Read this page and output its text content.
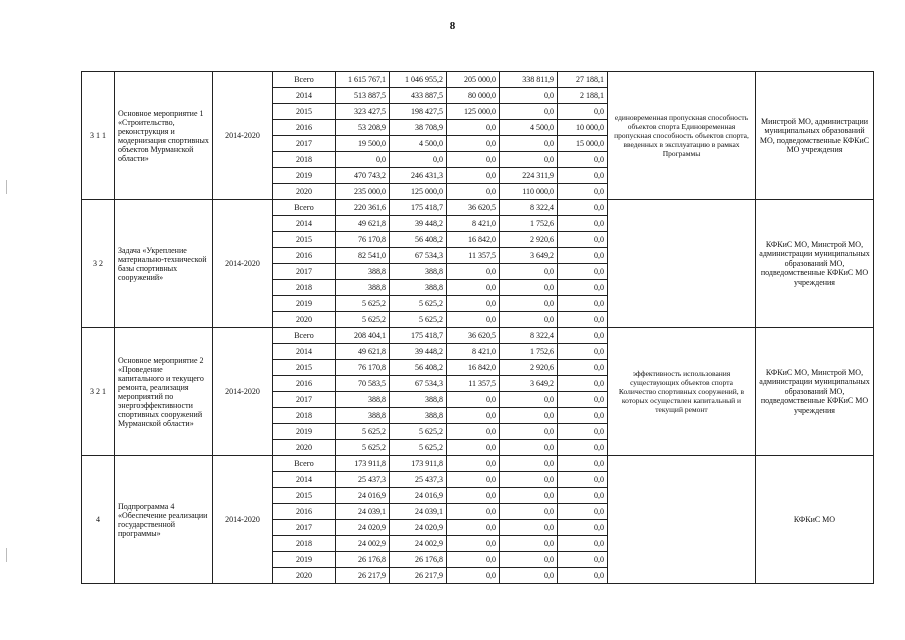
8
3 1 1	Основное мероприятие 1 «Строительство, реконструкция и модернизация спортивных объектов Мурманской области»	2014-2020	Всего	1 615 767,1	1 046 955,2	205 000,0	338 811,9	27 188,1	единовременная пропускная способность объектов спорта Единовременная пропускная способность объектов спорта, введенных в эксплуатацию в рамках Программы	Минстрой МО, администрации муниципальных образований МО, подведомственные КФКиС МО учреждения
			2014	513 887,5	433 887,5	80 000,0	0,0	2 188,1		
			2015	323 427,5	198 427,5	125 000,0	0,0	0,0		
			2016	53 208,9	38 708,9	0,0	4 500,0	10 000,0		
			2017	19 500,0	4 500,0	0,0	0,0	15 000,0		
			2018	0,0	0,0	0,0	0,0	0,0		
			2019	470 743,2	246 431,3	0,0	224 311,9	0,0		
			2020	235 000,0	125 000,0	0,0	110 000,0	0,0		
3 2	Задача «Укрепление материально-технической базы спортивных сооружений»	2014-2020	Всего	220 361,6	175 418,7	36 620,5	8 322,4	0,0		КФКиС МО, Минстрой МО, администрации муниципальных образований МО, подведомственные КФКиС МО учреждения
			2014	49 621,8	39 448,2	8 421,0	1 752,6	0,0		
			2015	76 170,8	56 408,2	16 842,0	2 920,6	0,0		
			2016	82 541,0	67 534,3	11 357,5	3 649,2	0,0		
			2017	388,8	388,8	0,0	0,0	0,0		
			2018	388,8	388,8	0,0	0,0	0,0		
			2019	5 625,2	5 625,2	0,0	0,0	0,0		
			2020	5 625,2	5 625,2	0,0	0,0	0,0		
3 2 1	Основное мероприятие 2 «Проведение капитального и текущего ремонта, реализация мероприятий по энергоэффективности спортивных сооружений Мурманской области»	2014-2020	Всего	208 404,1	175 418,7	36 620,5	8 322,4	0,0	эффективность использования существующих объектов спорта Количество спортивных сооружений, в которых осуществлен капитальный и текущий ремонт	КФКиС МО, Минстрой МО, администрации муниципальных образований МО, подведомственные КФКиС МО учреждения
			2014	49 621,8	39 448,2	8 421,0	1 752,6	0,0		
			2015	76 170,8	56 408,2	16 842,0	2 920,6	0,0		
			2016	70 583,5	67 534,3	11 357,5	3 649,2	0,0		
			2017	388,8	388,8	0,0	0,0	0,0		
			2018	388,8	388,8	0,0	0,0	0,0		
			2019	5 625,2	5 625,2	0,0	0,0	0,0		
			2020	5 625,2	5 625,2	0,0	0,0	0,0		
4	Подпрограмма 4 «Обеспечение реализации государственной программы»	2014-2020	Всего	173 911,8	173 911,8	0,0	0,0	0,0		КФКиС МО
			2014	25 437,3	25 437,3	0,0	0,0	0,0		
			2015	24 016,9	24 016,9	0,0	0,0	0,0		
			2016	24 039,1	24 039,1	0,0	0,0	0,0		
			2017	24 020,9	24 020,9	0,0	0,0	0,0		
			2018	24 002,9	24 002,9	0,0	0,0	0,0		
			2019	26 176,8	26 176,8	0,0	0,0	0,0		
			2020	26 217,9	26 217,9	0,0	0,0	0,0		
